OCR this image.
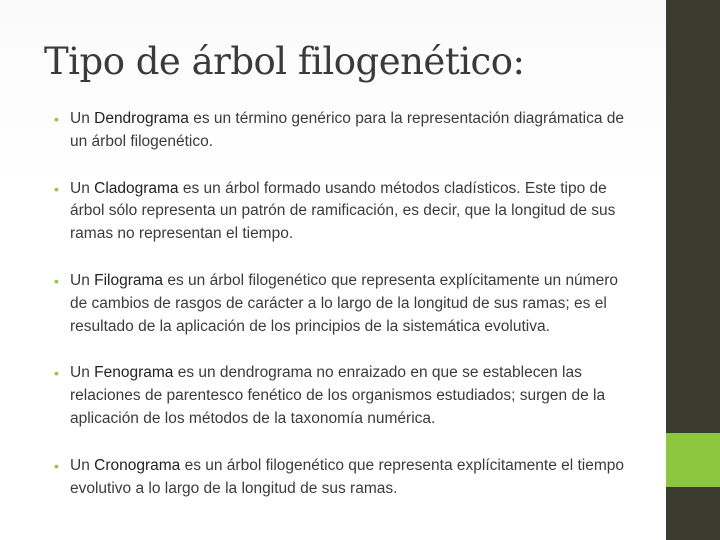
Tipo de árbol filogenético:
• Un Dendrograma es un término genérico para la representación diagrámatica de un árbol filogenético.
• Un Cladograma es un árbol formado usando métodos cladísticos. Este tipo de árbol sólo representa un patrón de ramificación, es decir, que la longitud de sus ramas no representan el tiempo.
• Un Filograma es un árbol filogenético que representa explícitamente un número de cambios de rasgos de carácter a lo largo de la longitud de sus ramas; es el resultado de la aplicación de los principios de la sistemática evolutiva.
• Un Fenograma es un dendrograma no enraizado en que se establecen las relaciones de parentesco fenético de los organismos estudiados; surgen de la aplicación de los métodos de la taxonomía numérica.
• Un Cronograma es un árbol filogenético que representa explícitamente el tiempo evolutivo a lo largo de la longitud de sus ramas.
